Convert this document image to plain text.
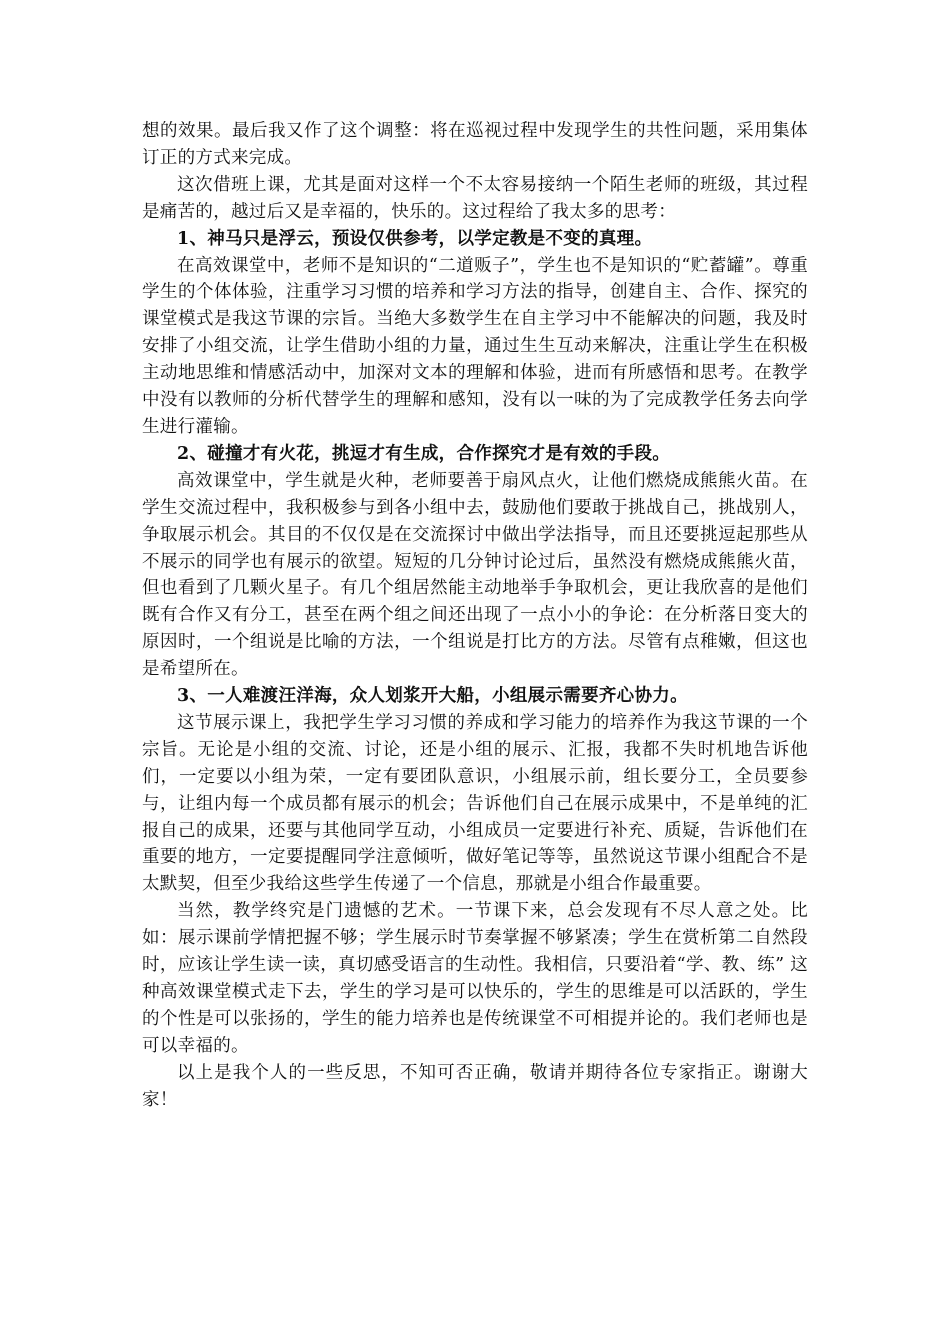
想的效果。最后我又作了这个调整：将在巡视过程中发现学生的共性问题，采用集体订正的方式来完成。

这次借班上课，尤其是面对这样一个不太容易接纳一个陌生老师的班级，其过程是痛苦的，越过后又是幸福的，快乐的。这过程给了我太多的思考：

1、神马只是浮云，预设仅供参考，以学定教是不变的真理。

在高效课堂中，老师不是知识的“二道贩子”，学生也不是知识的“贮蓄罐”。尊重学生的个体体验，注重学习习惯的培养和学习方法的指导，创建自主、合作、探究的课堂模式是我这节课的宗旨。当绝大多数学生在自主学习中不能解决的问题，我及时安排了小组交流，让学生借助小组的力量，通过生生互动来解决，注重让学生在积极主动地思维和情感活动中，加深对文本的理解和体验，进而有所感悟和思考。在教学中没有以教师的分析代替学生的理解和感知，没有以一味的为了完成教学任务去向学生进行灌输。

2、碰撞才有火花，挑逗才有生成，合作探究才是有效的手段。

高效课堂中，学生就是火种，老师要善于扇风点火，让他们燃烧成熊熊火苗。在学生交流过程中，我积极参与到各小组中去，鼓励他们要敢于挑战自己，挑战别人，争取展示机会。其目的不仅仅是在交流探讨中做出学法指导，而且还要挑逗起那些从不展示的同学也有展示的欲望。短短的几分钟讨论过后，虽然没有燃烧成熊熊火苗，但也看到了几颗火星子。有几个组居然能主动地举手争取机会，更让我欣喜的是他们既有合作又有分工，甚至在两个组之间还出现了一点小小的争论：在分析落日变大的原因时，一个组说是比喻的方法，一个组说是打比方的方法。尽管有点稚嫩，但这也是希望所在。

3、一人难渡汪洋海，众人划浆开大船，小组展示需要齐心协力。

这节展示课上，我把学生学习习惯的养成和学习能力的培养作为我这节课的一个宗旨。无论是小组的交流、讨论，还是小组的展示、汇报，我都不失时机地告诉他们，一定要以小组为荣，一定有要团队意识，小组展示前，组长要分工，全员要参与，让组内每一个成员都有展示的机会；告诉他们自己在展示成果中，不是单纯的汇报自己的成果，还要与其他同学互动，小组成员一定要进行补充、质疑，告诉他们在重要的地方，一定要提醒同学注意倾听，做好笔记等等，虽然说这节课小组配合不是太默契，但至少我给这些学生传递了一个信息，那就是小组合作最重要。

当然，教学终究是门遗憾的艺术。一节课下来，总会发现有不尽人意之处。比如：展示课前学情把握不够；学生展示时节奏掌握不够紧凑；学生在赏析第二自然段时，应该让学生读一读，真切感受语言的生动性。我相信，只要沿着“学、教、练” 这种高效课堂模式走下去，学生的学习是可以快乐的，学生的思维是可以活跃的，学生的个性是可以张扬的，学生的能力培养也是传统课堂不可相提并论的。我们老师也是可以幸福的。

以上是我个人的一些反思，不知可否正确，敬请并期待各位专家指正。谢谢大家！
